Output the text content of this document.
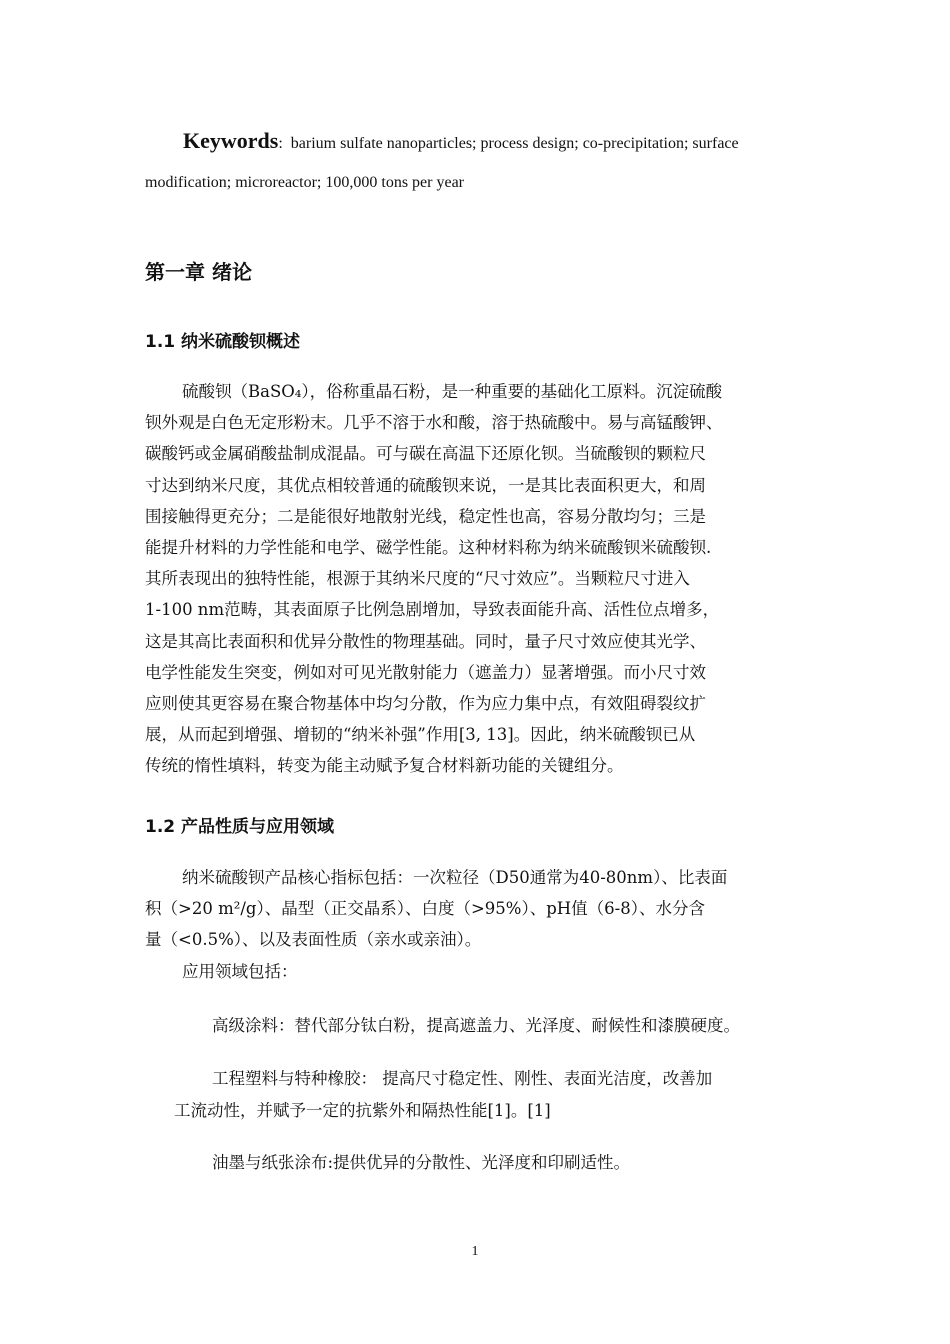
Keywords: barium sulfate nanoparticles; process design; co-precipitation; surface
modification; microreactor; 100,000 tons per year
第一章 绪论
1.1 纳米硫酸钡概述
硫酸钡（BaSO₄），俗称重晶石粉，是一种重要的基础化工原料。沉淀硫酸
钡外观是白色无定形粉末。几乎不溶于水和酸，溶于热硫酸中。易与高锰酸钾、
碳酸钙或金属硝酸盐制成混晶。可与碳在高温下还原化钡。当硫酸钡的颗粒尺
寸达到纳米尺度，其优点相较普通的硫酸钡来说，一是其比表面积更大，和周
围接触得更充分；二是能很好地散射光线，稳定性也高，容易分散均匀；三是
能提升材料的力学性能和电学、磁学性能。这种材料称为纳米硫酸钡米硫酸钡.
其所表现出的独特性能，根源于其纳米尺度的“尺寸效应”。当颗粒尺寸进入
1-100 nm范畴，其表面原子比例急剧增加，导致表面能升高、活性位点增多，
这是其高比表面积和优异分散性的物理基础。同时，量子尺寸效应使其光学、
电学性能发生突变，例如对可见光散射能力（遮盖力）显著增强。而小尺寸效
应则使其更容易在聚合物基体中均匀分散，作为应力集中点，有效阻碍裂纹扩
展，从而起到增强、增韧的“纳米补强”作用[3, 13]。因此，纳米硫酸钡已从
传统的惰性填料，转变为能主动赋予复合材料新功能的关键组分。
1.2 产品性质与应用领域
纳米硫酸钡产品核心指标包括：一次粒径（D50通常为40-80nm）、比表面
积（>20 m²/g）、晶型（正交晶系）、白度（>95%）、pH值（6-8）、水分含
量（<0.5%）、以及表面性质（亲水或亲油）。

应用领域包括：

高级涂料：替代部分钛白粉，提高遮盖力、光泽度、耐候性和漆膜硬度。

工程塑料与特种橡胶： 提高尺寸稳定性、刚性、表面光洁度，改善加

工流动性，并赋予一定的抗紫外和隔热性能[1]。[1]

油墨与纸张涂布:提供优异的分散性、光泽度和印刷适性。

1
